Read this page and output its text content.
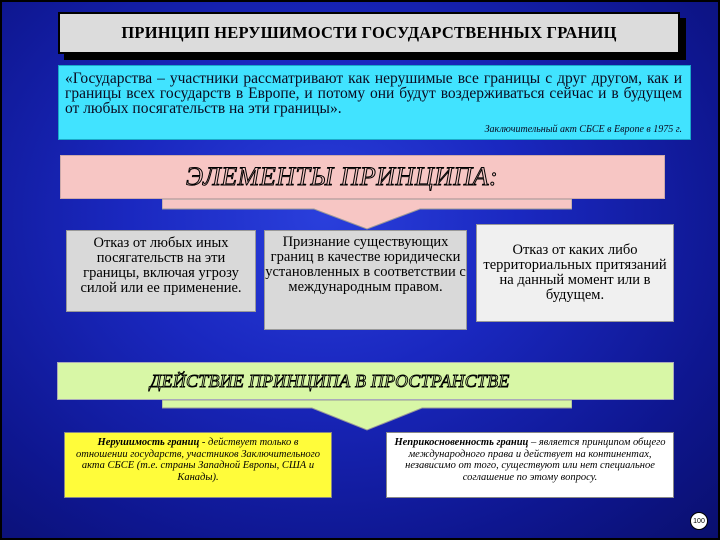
ПРИНЦИП НЕРУШИМОСТИ ГОСУДАРСТВЕННЫХ ГРАНИЦ
«Государства – участники рассматривают как нерушимые все границы с друг другом, как и границы всех государств в Европе, и потому они будут воздерживаться сейчас и в будущем от любых посягательств на эти границы».
Заключительный акт СБСЕ в Европе в 1975 г.
ЭЛЕМЕНТЫ ПРИНЦИПА:
Отказ от любых иных посягательств на эти границы, включая угрозу силой или ее применение.
Признание существующих границ в качестве юридически установленных в соответствии с международным правом.
Отказ от каких либо территориальных притязаний на данный момент или в будущем.
ДЕЙСТВИЕ ПРИНЦИПА В ПРОСТРАНСТВЕ
Нерушимость границ - действует только в отношении государств, участников Заключительного акта СБСЕ (т.е. страны Западной Европы, США и Канады).
Неприкосновенность границ – является принципом общего международного права и действует на континентах, независимо от того, существуют или нет специальное соглашение по этому вопросу.
100
